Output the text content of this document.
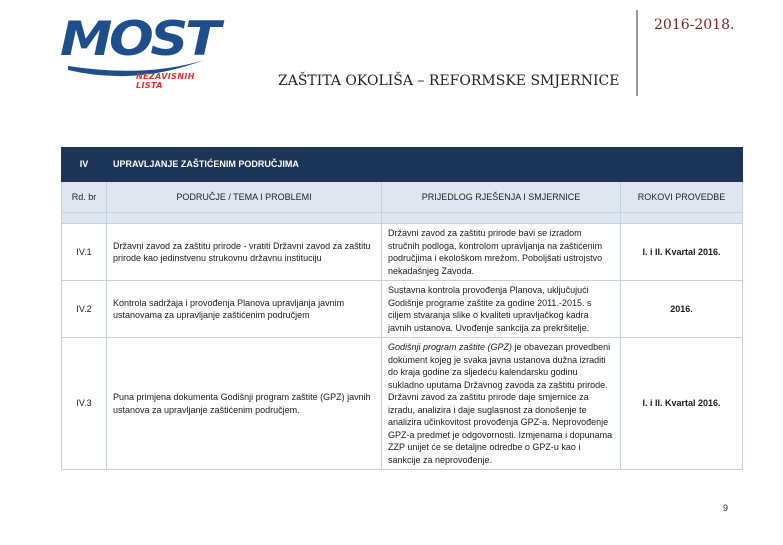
MOST
NEZAVISNIH LISTA	ZAŠTITA OKOLIŠA – REFORMSKE SMJERNICE
2016-2018.
IV	UPRAVLJANJE ZAŠTIĆENIM PODRUČJIMA		
Rd. br	PODRUČJE / TEMA I PROBLEMI	PRIJEDLOG RJEŠENJA I SMJERNICE	ROKOVI PROVEDBE

IV.1	Državni zavod za zaštitu prirode - vratiti Državni zavod za zaštitu prirode kao jedinstvenu strukovnu državnu instituciju	Državni zavod za zaštitu prirode bavi se izradom stručnih podloga, kontrolom upravljanja na zaštićenim područjima i ekološkom mrežom. Poboljšati ustrojstvo nekadašnjeg Zavoda.	I. i II. Kvartal 2016.
IV.2	Kontrola sadržaja i provođenja Planova upravljanja javnim ustanovama za upravljanje zaštićenim područjem	Sustavna kontrola provođenja Planova, uključujući Godišnje programe zaštite za godine 2011.-2015. s ciljem stvaranja slike o kvaliteti upravljačkog kadra javnih ustanova. Uvođenje sankcija za prekršitelje.	2016.
IV.3	Puna primjena dokumenta Godišnji program zaštite (GPZ) javnih ustanova za upravljanje zaštićenim područjem.	Godišnji program zaštite (GPZ) je obavezan provedbeni dokument kojeg je svaka javna ustanova dužna izraditi do kraja godine za sljedeću kalendarsku godinu sukladno uputama Državnog zavoda za zaštitu prirode. Državni zavod za zaštitu prirode daje smjernice za izradu, analizira i daje suglasnost za donošenje te analizira učinkovitost provođenja GPZ-a. Neprovođenje GPZ-a predmet je odgovornosti. Izmjenama i dopunama ZZP unijet će se detaljne odredbe o GPZ-u kao i sankcije za neprovođenje.	I. i II. Kvartal 2016.
9
